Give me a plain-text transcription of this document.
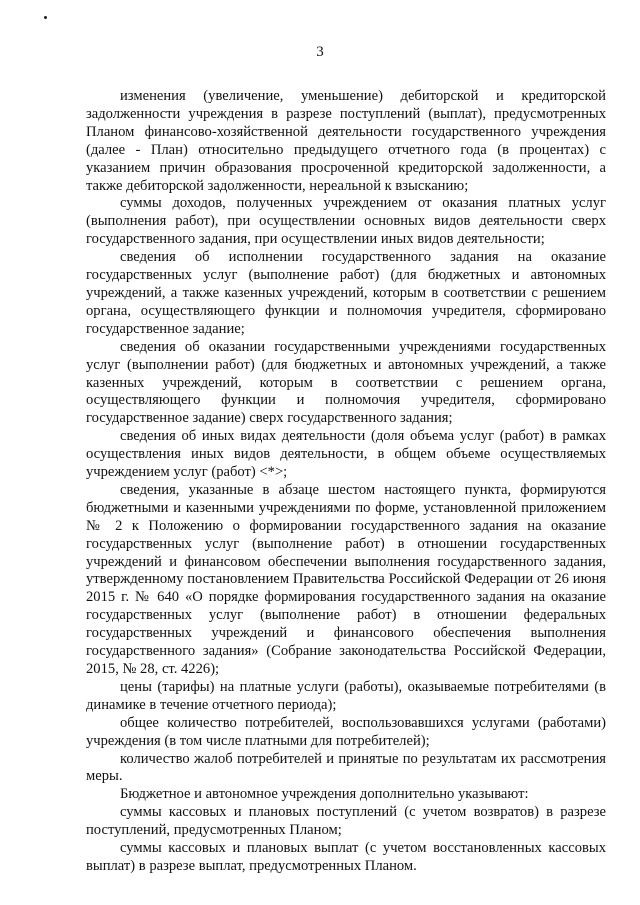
3

изменения (увеличение, уменьшение) дебиторской и кредиторской задолженности учреждения в разрезе поступлений (выплат), предусмотренных Планом финансово-хозяйственной деятельности государственного учреждения (далее - План) относительно предыдущего отчетного года (в процентах) с указанием причин образования просроченной кредиторской задолженности, а также дебиторской задолженности, нереальной к взысканию;

суммы доходов, полученных учреждением от оказания платных услуг (выполнения работ), при осуществлении основных видов деятельности сверх государственного задания, при осуществлении иных видов деятельности;

сведения об исполнении государственного задания на оказание государственных услуг (выполнение работ) (для бюджетных и автономных учреждений, а также казенных учреждений, которым в соответствии с решением органа, осуществляющего функции и полномочия учредителя, сформировано государственное задание;

сведения об оказании государственными учреждениями государственных услуг (выполнении работ) (для бюджетных и автономных учреждений, а также казенных учреждений, которым в соответствии с решением органа, осуществляющего функции и полномочия учредителя, сформировано государственное задание) сверх государственного задания;

сведения об иных видах деятельности (доля объема услуг (работ) в рамках осуществления иных видов деятельности, в общем объеме осуществляемых учреждением услуг (работ) <*>;

сведения, указанные в абзаце шестом настоящего пункта, формируются бюджетными и казенными учреждениями по форме, установленной приложением № 2 к Положению о формировании государственного задания на оказание государственных услуг (выполнение работ) в отношении государственных учреждений и финансовом обеспечении выполнения государственного задания, утвержденному постановлением Правительства Российской Федерации от 26 июня 2015 г. № 640 «О порядке формирования государственного задания на оказание государственных услуг (выполнение работ) в отношении федеральных государственных учреждений и финансового обеспечения выполнения государственного задания» (Собрание законодательства Российской Федерации, 2015, № 28, ст. 4226);

цены (тарифы) на платные услуги (работы), оказываемые потребителями (в динамике в течение отчетного периода);

общее количество потребителей, воспользовавшихся услугами (работами) учреждения (в том числе платными для потребителей);

количество жалоб потребителей и принятые по результатам их рассмотрения меры.

Бюджетное и автономное учреждения дополнительно указывают:

суммы кассовых и плановых поступлений (с учетом возвратов) в разрезе поступлений, предусмотренных Планом;

суммы кассовых и плановых выплат (с учетом восстановленных кассовых выплат) в разрезе выплат, предусмотренных Планом.
